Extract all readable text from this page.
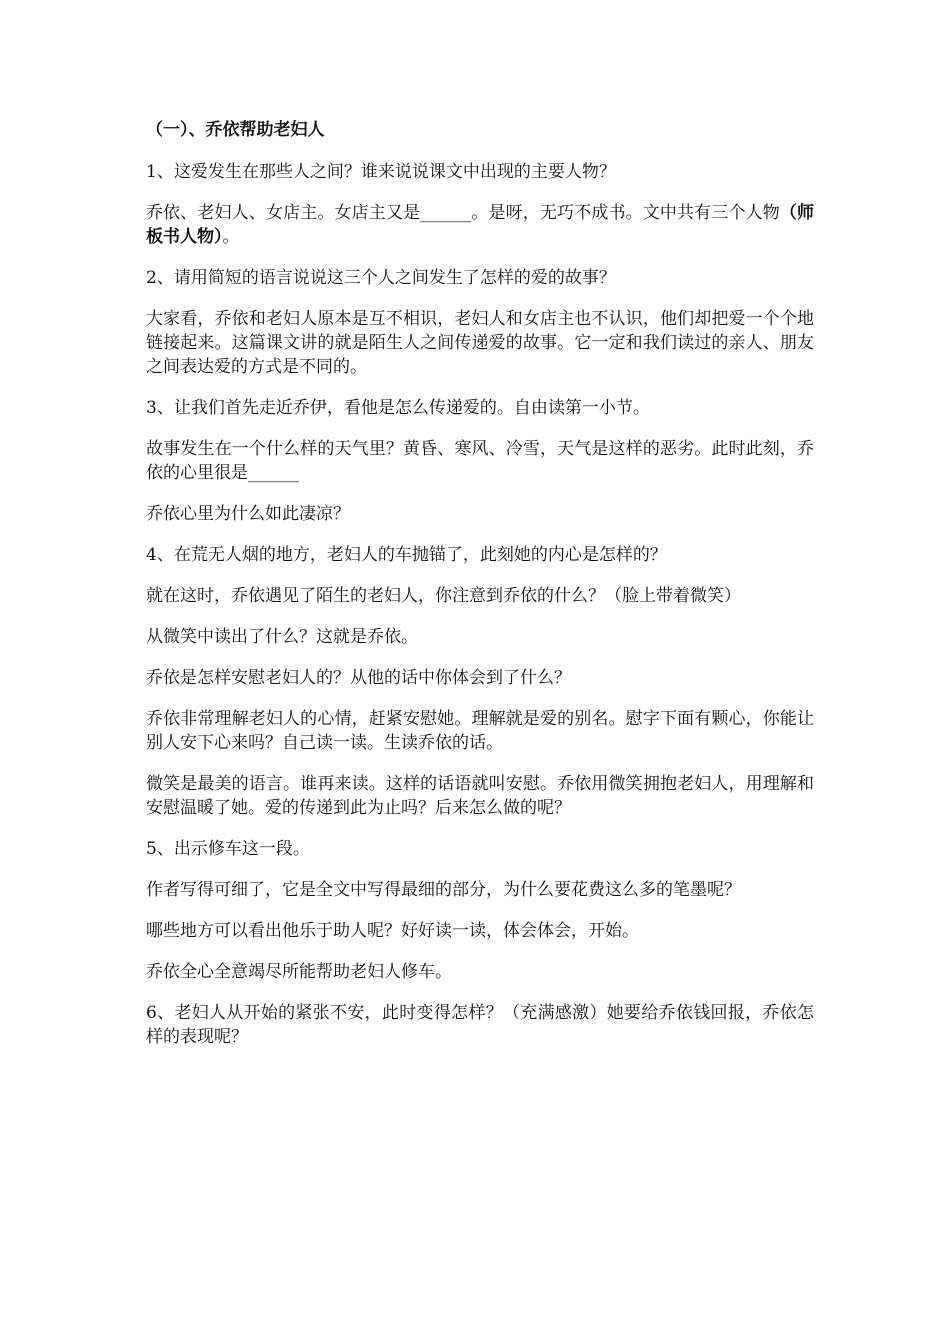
（一）、乔依帮助老妇人

1、这爱发生在那些人之间？谁来说说课文中出现的主要人物？

乔依、老妇人、女店主。女店主又是______。是呀，无巧不成书。文中共有三个人物（师板书人物）。

2、请用简短的语言说说这三个人之间发生了怎样的爱的故事？

大家看，乔依和老妇人原本是互不相识，老妇人和女店主也不认识，他们却把爱一个个地链接起来。这篇课文讲的就是陌生人之间传递爱的故事。它一定和我们读过的亲人、朋友之间表达爱的方式是不同的。

3、让我们首先走近乔伊，看他是怎么传递爱的。自由读第一小节。

故事发生在一个什么样的天气里？黄昏、寒风、冷雪，天气是这样的恶劣。此时此刻，乔依的心里很是______

乔依心里为什么如此凄凉？

4、在荒无人烟的地方，老妇人的车抛锚了，此刻她的内心是怎样的？

就在这时，乔依遇见了陌生的老妇人，你注意到乔依的什么？（脸上带着微笑）

从微笑中读出了什么？这就是乔依。

乔依是怎样安慰老妇人的？从他的话中你体会到了什么？

乔依非常理解老妇人的心情，赶紧安慰她。理解就是爱的别名。慰字下面有颗心，你能让别人安下心来吗？自己读一读。生读乔依的话。

微笑是最美的语言。谁再来读。这样的话语就叫安慰。乔依用微笑拥抱老妇人，用理解和安慰温暖了她。爱的传递到此为止吗？后来怎么做的呢？

5、出示修车这一段。

作者写得可细了，它是全文中写得最细的部分，为什么要花费这么多的笔墨呢？

哪些地方可以看出他乐于助人呢？好好读一读，体会体会，开始。

乔依全心全意竭尽所能帮助老妇人修车。

6、老妇人从开始的紧张不安，此时变得怎样？（充满感激）她要给乔依钱回报，乔依怎样的表现呢？
